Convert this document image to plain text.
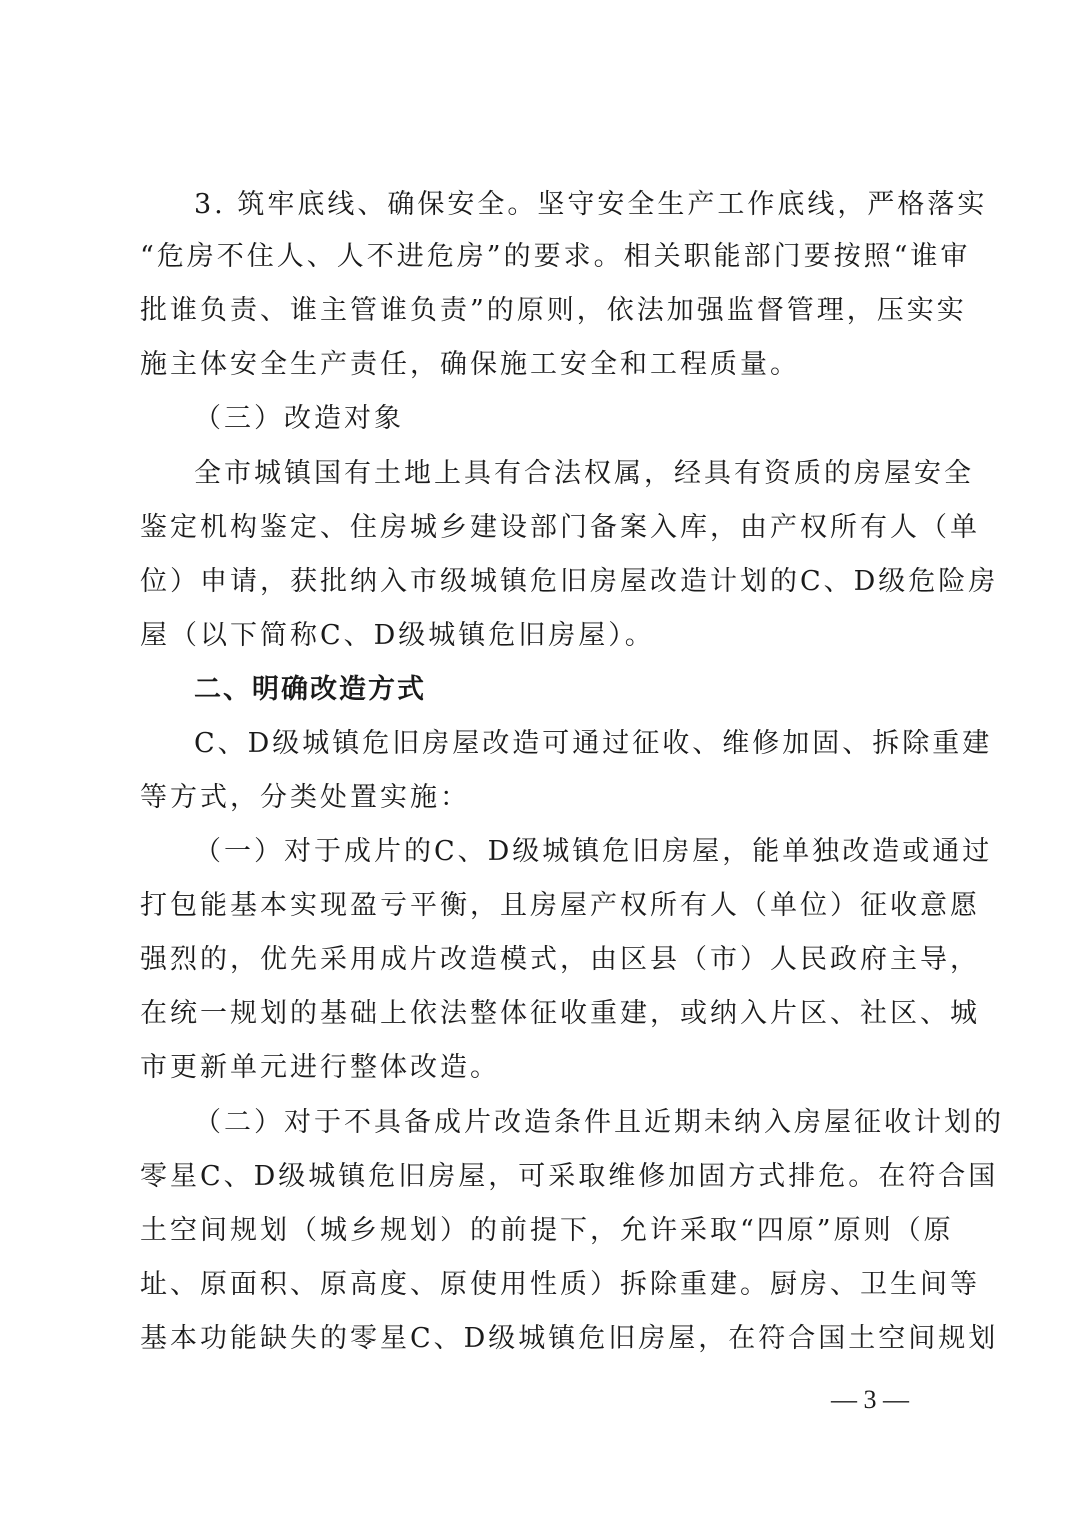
3. 筑牢底线、确保安全。坚守安全生产工作底线，严格落实
“危房不住人、人不进危房”的要求。相关职能部门要按照“谁审
批谁负责、谁主管谁负责”的原则，依法加强监督管理，压实实
施主体安全生产责任，确保施工安全和工程质量。
（三）改造对象
全市城镇国有土地上具有合法权属，经具有资质的房屋安全
鉴定机构鉴定、住房城乡建设部门备案入库，由产权所有人（单
位）申请，获批纳入市级城镇危旧房屋改造计划的C、D级危险房
屋（以下简称C、D级城镇危旧房屋）。
二、明确改造方式
C、D级城镇危旧房屋改造可通过征收、维修加固、拆除重建
等方式，分类处置实施：
（一）对于成片的C、D级城镇危旧房屋，能单独改造或通过
打包能基本实现盈亏平衡，且房屋产权所有人（单位）征收意愿
强烈的，优先采用成片改造模式，由区县（市）人民政府主导，
在统一规划的基础上依法整体征收重建，或纳入片区、社区、城
市更新单元进行整体改造。
（二）对于不具备成片改造条件且近期未纳入房屋征收计划的
零星C、D级城镇危旧房屋，可采取维修加固方式排危。在符合国
土空间规划（城乡规划）的前提下，允许采取“四原”原则（原
址、原面积、原高度、原使用性质）拆除重建。厨房、卫生间等
基本功能缺失的零星C、D级城镇危旧房屋，在符合国土空间规划
— 3 —
